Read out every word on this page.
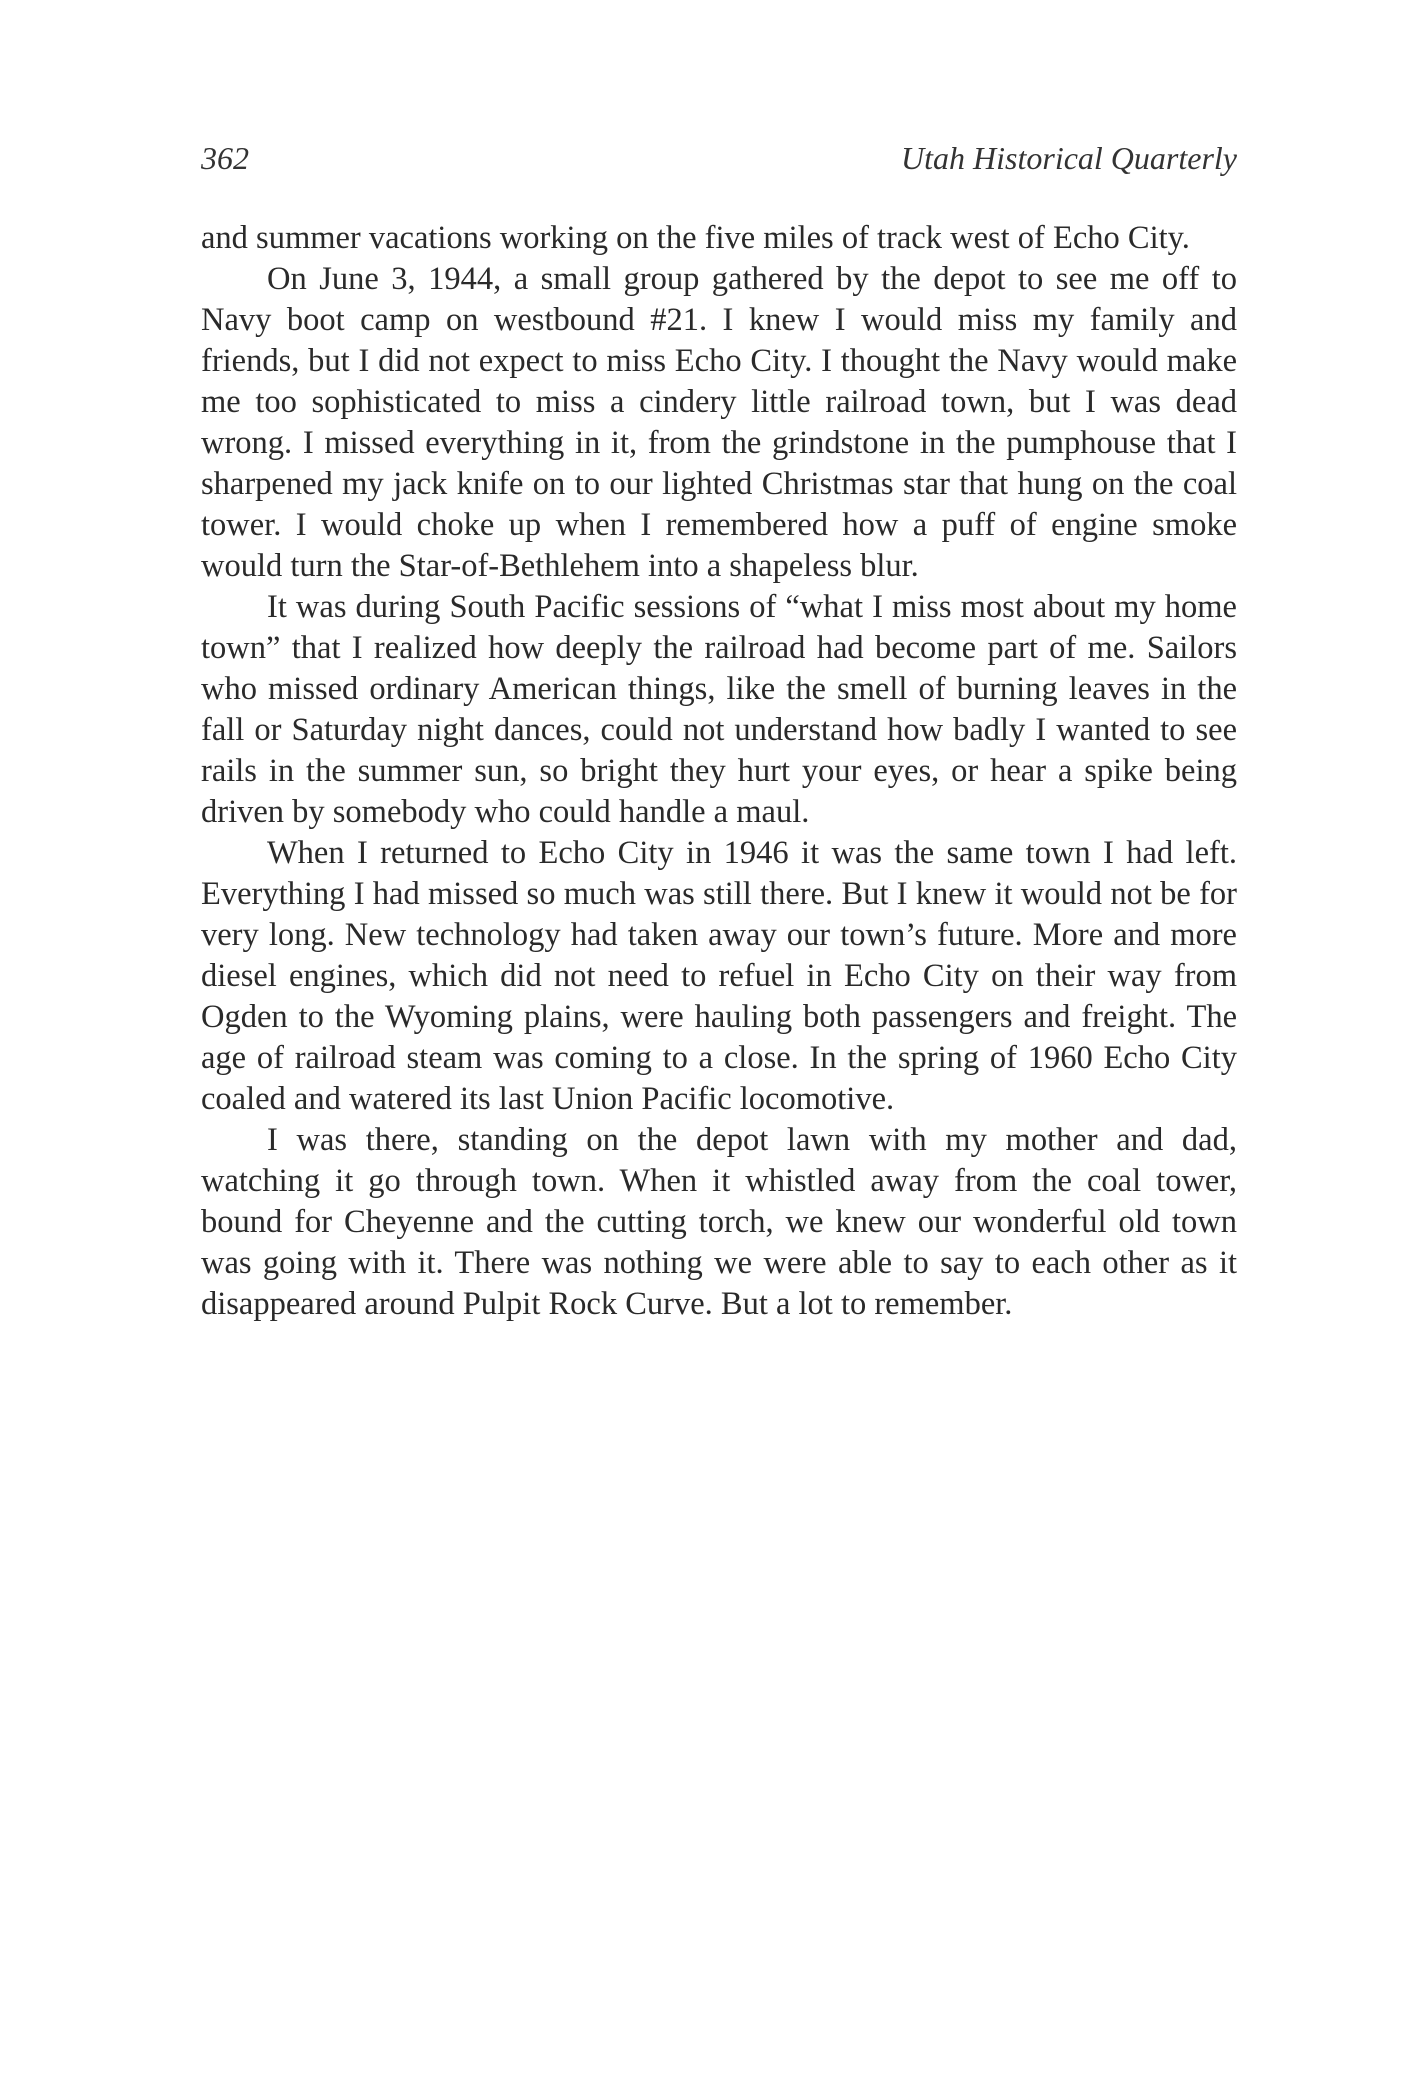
362	Utah Historical Quarterly

and summer vacations working on the five miles of track west of Echo City.

On June 3, 1944, a small group gathered by the depot to see me off to Navy boot camp on westbound #21. I knew I would miss my family and friends, but I did not expect to miss Echo City. I thought the Navy would make me too sophisticated to miss a cindery little railroad town, but I was dead wrong. I missed everything in it, from the grindstone in the pumphouse that I sharpened my jack knife on to our lighted Christmas star that hung on the coal tower. I would choke up when I remembered how a puff of engine smoke would turn the Star-of-Bethlehem into a shapeless blur.

It was during South Pacific sessions of “what I miss most about my home town” that I realized how deeply the railroad had become part of me. Sailors who missed ordinary American things, like the smell of burning leaves in the fall or Saturday night dances, could not understand how badly I wanted to see rails in the summer sun, so bright they hurt your eyes, or hear a spike being driven by somebody who could handle a maul.

When I returned to Echo City in 1946 it was the same town I had left. Everything I had missed so much was still there. But I knew it would not be for very long. New technology had taken away our town’s future. More and more diesel engines, which did not need to refuel in Echo City on their way from Ogden to the Wyoming plains, were hauling both passengers and freight. The age of railroad steam was coming to a close. In the spring of 1960 Echo City coaled and watered its last Union Pacific locomotive.

I was there, standing on the depot lawn with my mother and dad, watching it go through town. When it whistled away from the coal tower, bound for Cheyenne and the cutting torch, we knew our wonderful old town was going with it. There was nothing we were able to say to each other as it disappeared around Pulpit Rock Curve. But a lot to remember.
